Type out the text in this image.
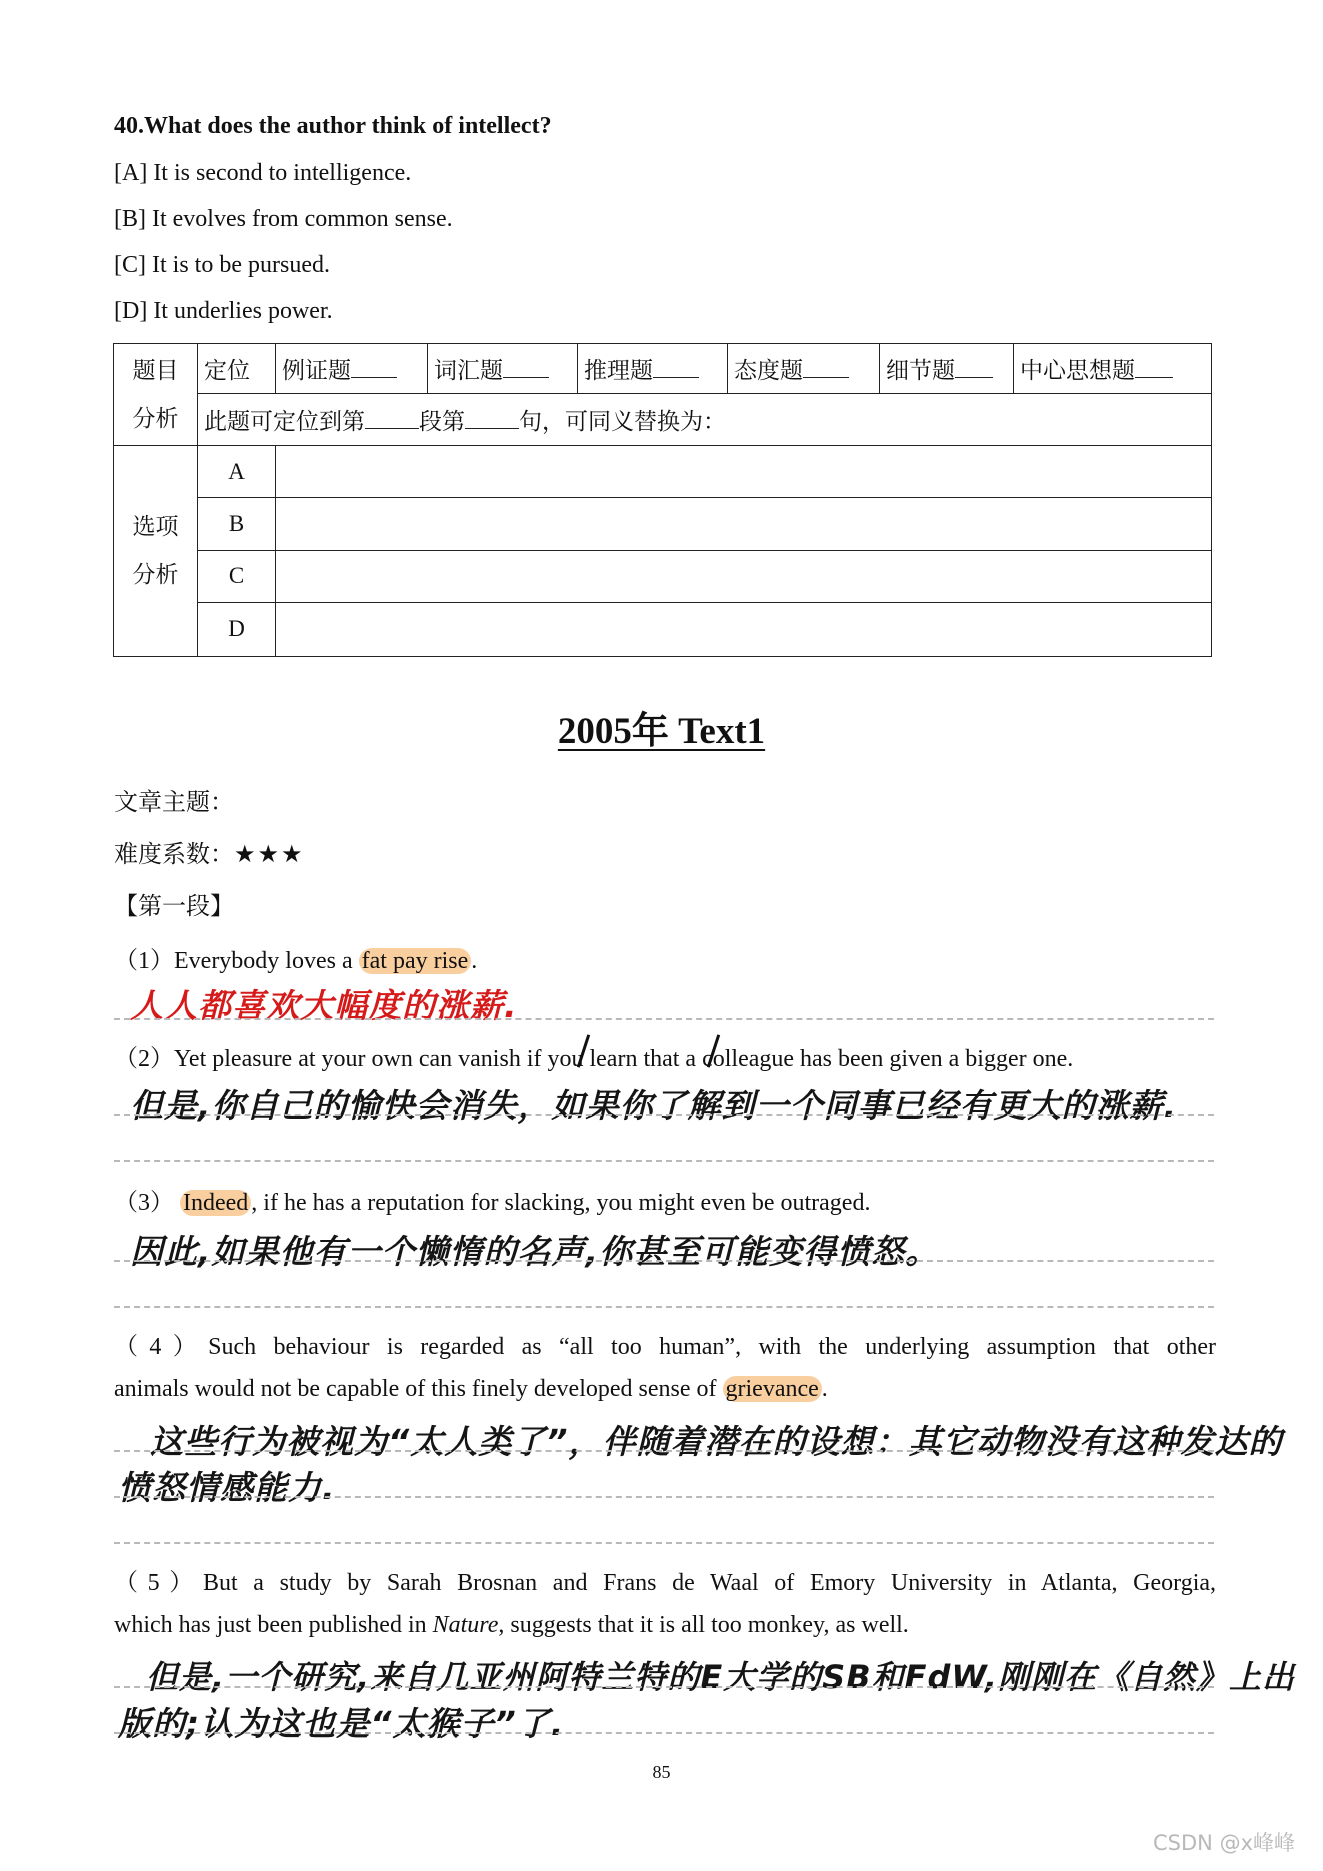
40.What does the author think of intellect?
[A] It is second to intelligence.
[B] It evolves from common sense.
[C] It is to be pursued.
[D] It underlies power.
题目
分析	定位	例证题	词汇题	推理题	态度题	细节题	中心思想题
	此题可定位到第 段第 句，可同义替换为：						

选项
分析	A						
	B						
	C						
	D						
2005年 Text1
文章主题：
难度系数：★★★
【第一段】
（1）Everybody loves a fat pay rise .
人人都喜欢大幅度的涨薪.
（2）Yet pleasure at your own can vanish if you learn that a colleague has been given a bigger one.
但是,你自己的愉快会消失，如果你了解到一个同事已经有更大的涨薪.
（3） Indeed , if he has a reputation for slacking, you might even be outraged.
因此,如果他有一个懒惰的名声,你甚至可能变得愤怒。
（4）Such behaviour is regarded as “all too human”, with the underlying assumption that other
animals would not be capable of this finely developed sense of grievance .
这些行为被视为“太人类了”，伴随着潜在的设想：其它动物没有这种发达的
愤怒情感能力.
（5）But a study by Sarah Brosnan and Frans de Waal of Emory University in Atlanta, Georgia,
which has just been published in Nature, suggests that it is all too monkey, as well.
但是,一个研究,来自几亚州阿特兰特的E大学的SB和FdW,刚刚在《自然》上出
版的;认为这也是“太猴子”了.
85
CSDN @x峰峰
